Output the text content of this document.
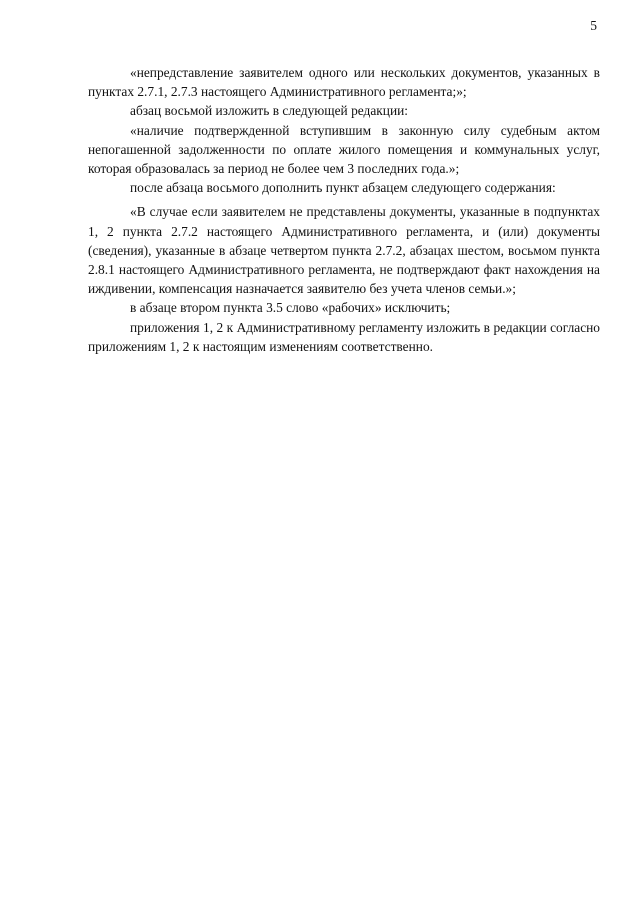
5

«непредставление заявителем одного или нескольких документов, указанных в пунктах 2.7.1, 2.7.3 настоящего Административного регламента;»;

абзац восьмой изложить в следующей редакции:

«наличие подтвержденной вступившим в законную силу судебным актом непогашенной задолженности по оплате жилого помещения и коммунальных услуг, которая образовалась за период не более чем 3 последних года.»;

после абзаца восьмого дополнить пункт абзацем следующего содержания:

«В случае если заявителем не представлены документы, указанные в подпунктах 1, 2 пункта 2.7.2 настоящего Административного регламента, и (или) документы (сведения), указанные в абзаце четвертом пункта 2.7.2, абзацах шестом, восьмом пункта 2.8.1 настоящего Административного регламента, не подтверждают факт нахождения на иждивении, компенсация назначается заявителю без учета членов семьи.»;

в абзаце втором пункта 3.5 слово «рабочих» исключить;

приложения 1, 2 к Административному регламенту изложить в редакции согласно приложениям 1, 2 к настоящим изменениям соответственно.
